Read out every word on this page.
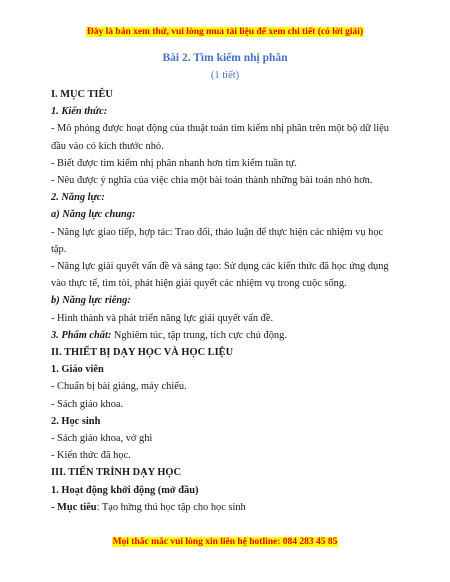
Đây là bản xem thử, vui lòng mua tài liệu để xem chi tiết (có lời giải)
Bài 2. Tìm kiếm nhị phân
(1 tiết)

I. MỤC TIÊU

1. Kiến thức:

- Mô phỏng được hoạt động của thuật toán tìm kiếm nhị phân trên một bộ dữ liệu

đầu vào có kích thước nhỏ.

- Biết được tìm kiếm nhị phân nhanh hơn tìm kiếm tuần tự.

- Nêu được ý nghĩa của việc chia một bài toán thành những bài toán nhỏ hơn.

2. Năng lực:

a) Năng lực chung:

- Năng lực giao tiếp, hợp tác: Trao đổi, thảo luận để thực hiện các nhiệm vụ học

tập.

- Năng lực giải quyết vấn đề và sáng tạo: Sử dụng các kiến thức đã học ứng dụng

vào thực tế, tìm tòi, phát hiện giải quyết các nhiệm vụ trong cuộc sống.

b) Năng lực riêng:

- Hình thành và phát triển năng lực giải quyết vấn đề.

3. Phẩm chất: Nghiêm túc, tập trung, tích cực chủ động.

II. THIẾT BỊ DẠY HỌC VÀ HỌC LIỆU

1. Giáo viên

- Chuẩn bị bài giảng, máy chiếu.

- Sách giáo khoa.

2. Học sinh

- Sách giáo khoa, vở ghi

- Kiến thức đã học.

III. TIẾN TRÌNH DẠY HỌC

1. Hoạt động khởi động (mở đầu)

- Mục tiêu: Tạo hứng thú học tập cho học sinh

Mọi thắc mắc vui lòng xin liên hệ hotline: 084 283 45 85
